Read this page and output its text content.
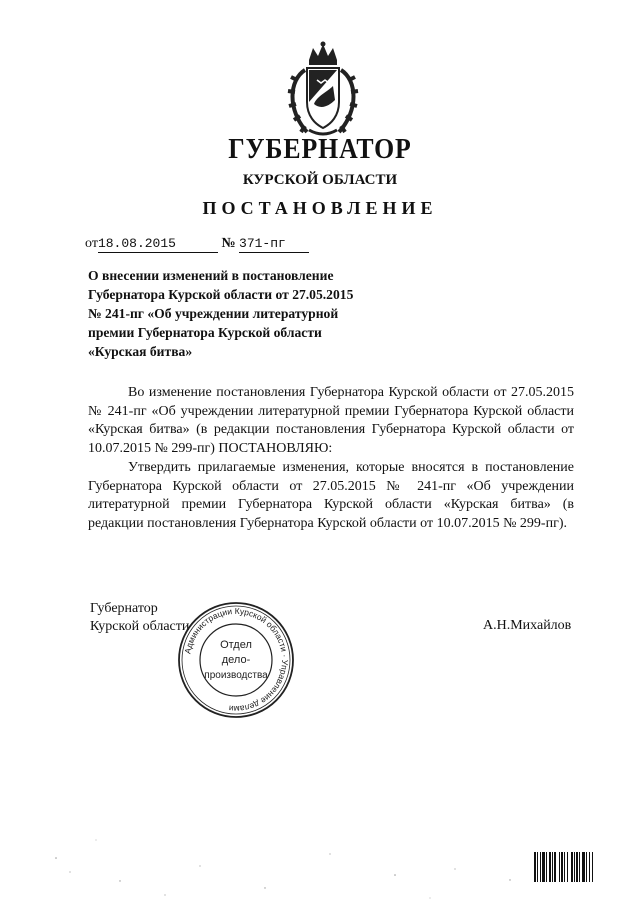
ГУБЕРНАТОР
КУРСКОЙ ОБЛАСТИ
ПОСТАНОВЛЕНИЕ
от18.08.2015	№ 371-пг
О внесении изменений в постановление
Губернатора Курской области от 27.05.2015
№ 241-пг «Об учреждении литературной
премии Губернатора Курской области
«Курская битва»

Во изменение постановления Губернатора Курской области от 27.05.2015 № 241-пг «Об учреждении литературной премии Губернатора Курской области «Курская битва» (в редакции постановления Губернатора Курской области от 10.07.2015 № 299-пг) ПОСТАНОВЛЯЮ:

Утвердить прилагаемые изменения, которые вносятся в постановление Губернатора Курской области от 27.05.2015 № 241-пг «Об учреждении литературной премии Губернатора Курской области «Курская битва» (в редакции постановления Губернатора Курской области от 10.07.2015 № 299-пг).

Губернатор
Курской области	А.Н.Михайлов
Администрации Курской области · Управление делами
Отдел
дело-
производства
